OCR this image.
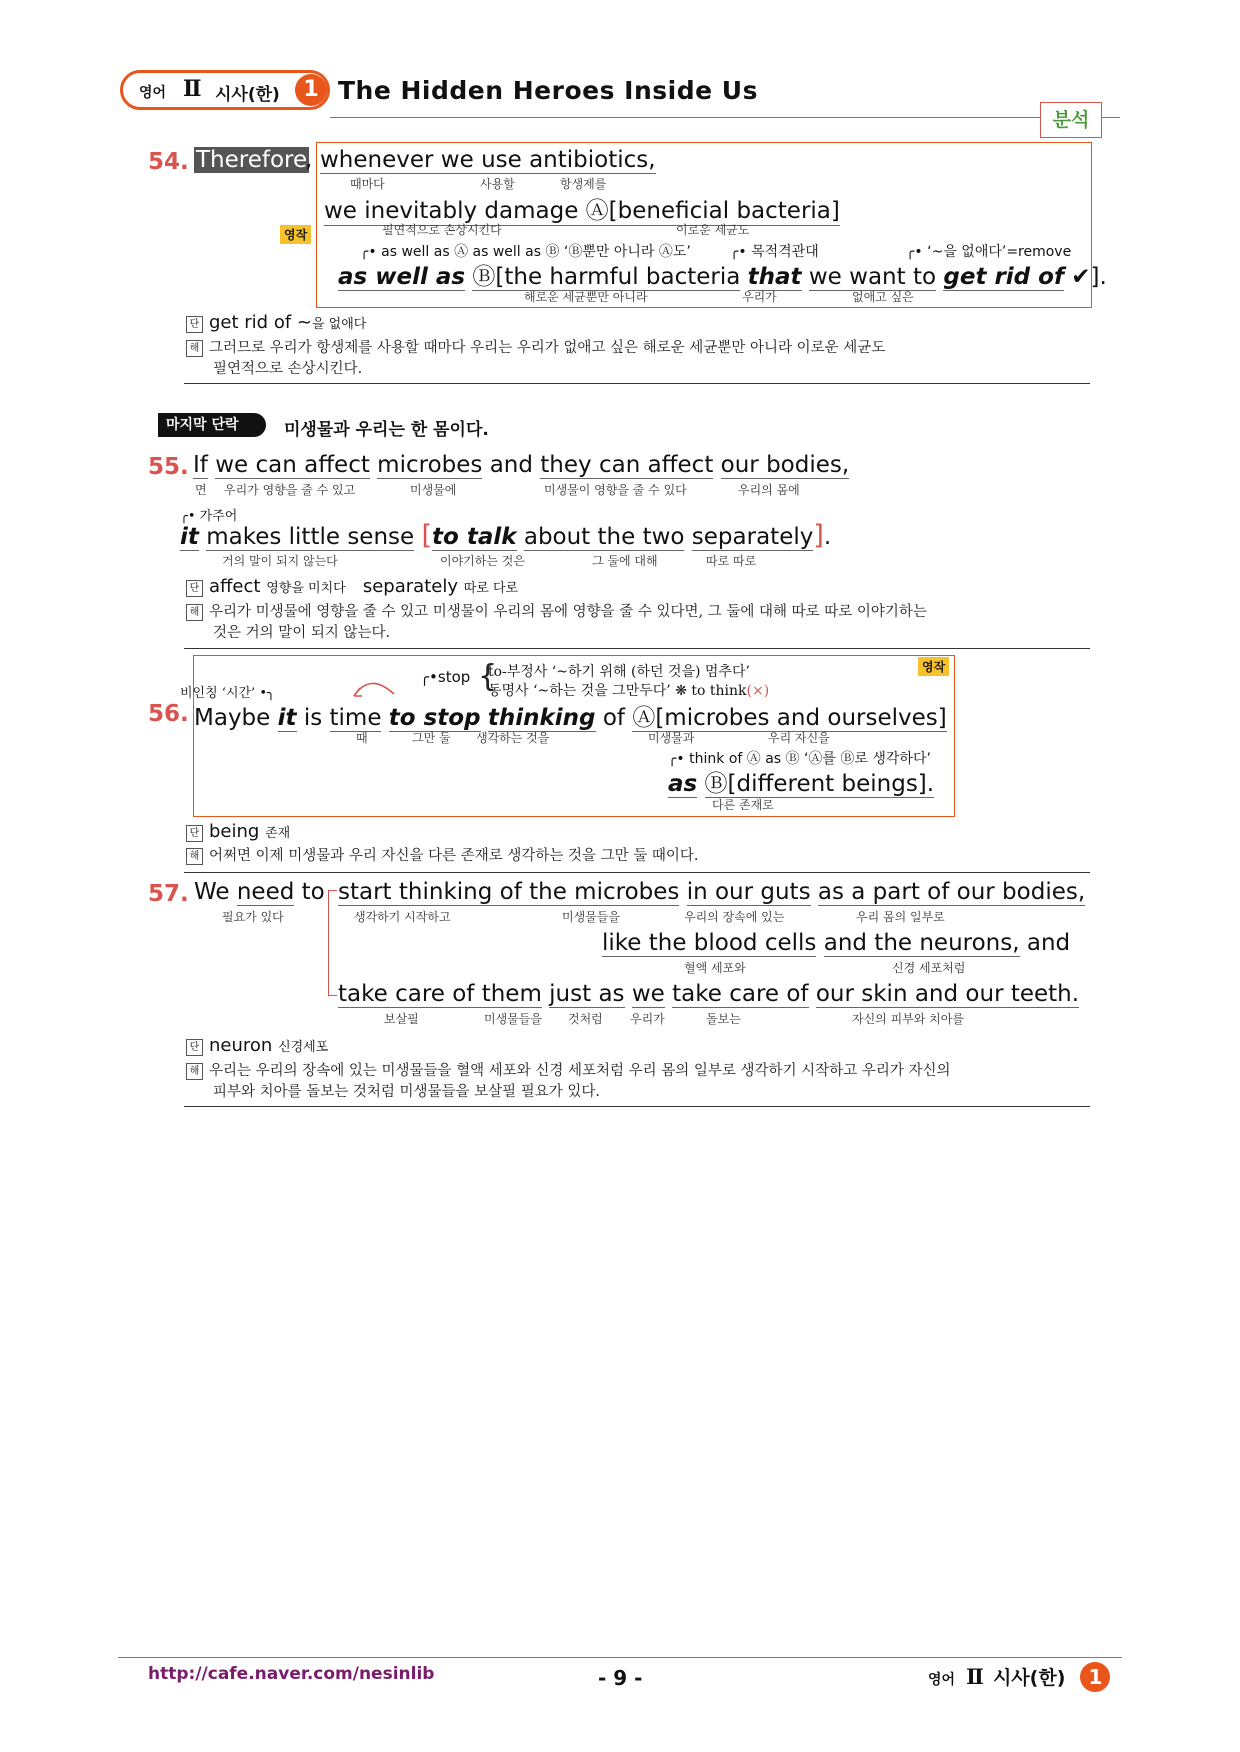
영어 Ⅱ 시사(한)	1 The Hidden Heroes Inside Us
분석
54. Therefore
, whenever we use antibiotics,
때마다	사용할	항생제를
we inevitably damage Ⓐ[beneficial bacteria]
필연적으로 손상시킨다	이로운 세균도
영작
╭• as well as Ⓐ as well as Ⓑ ‘Ⓑ뿐만 아니라 Ⓐ도’	╭• 목적격관대	╭• ‘~을 없애다’=remove
as well as Ⓑ[the harmful bacteria that we want to get rid of ✔].
해로운 세균뿐만 아니라	우리가	없애고 싶은
단 get rid of ~을 없애다
해 그러므로 우리가 항생제를 사용할 때마다 우리는 우리가 없애고 싶은 해로운 세균뿐만 아니라 이로운 세균도
필연적으로 손상시킨다.
마지막 단락	미생물과 우리는 한 몸이다.
55. If we can affect microbes and they can affect our bodies,
면 우리가 영향을 줄 수 있고	미생물에	미생물이 영향을 줄 수 있다	우리의 몸에
╭• 가주어
it makes little sense [to talk about the two separately].
거의 말이 되지 않는다	이야기하는 것은	그 둘에 대해	따로 따로
단 affect 영향을 미치다 separately 따로 다로
해 우리가 미생물에 영향을 줄 수 있고 미생물이 우리의 몸에 영향을 줄 수 있다면, 그 둘에 대해 따로 따로 이야기하는
것은 거의 말이 되지 않는다.
영작
비인칭 ‘시간’ •╮
╭•stop {
to-부정사 ‘~하기 위해 (하던 것을) 멈추다’
동명사 ‘~하는 것을 그만두다’ ❋ to think(×)
56. Maybe it is time to stop thinking of Ⓐ[microbes and ourselves]
때	그만 둘 생각하는 것을	미생물과	우리 자신을
╭• think of Ⓐ as Ⓑ ‘Ⓐ를 Ⓑ로 생각하다’
as Ⓑ[different beings].
다른 존재로
단 being 존재
해 어쩌면 이제 미생물과 우리 자신을 다른 존재로 생각하는 것을 그만 둘 때이다.
57. We need to start thinking of the microbes in our guts as a part of our bodies,
필요가 있다	생각하기 시작하고	미생물들을	우리의 장속에 있는	우리 몸의 일부로
like the blood cells and the neurons, and
혈액 세포와	신경 세포처럼
take care of them just as we take care of our skin and our teeth.
보살필	미생물들을 것처럼 우리가	돌보는	자신의 피부와 치아를
단 neuron 신경세포
해 우리는 우리의 장속에 있는 미생물들을 혈액 세포와 신경 세포처럼 우리 몸의 일부로 생각하기 시작하고 우리가 자신의
피부와 치아를 돌보는 것처럼 미생물들을 보살필 필요가 있다.
http://cafe.naver.com/nesinlib	- 9 -	영어 Ⅱ 시사(한) 1
